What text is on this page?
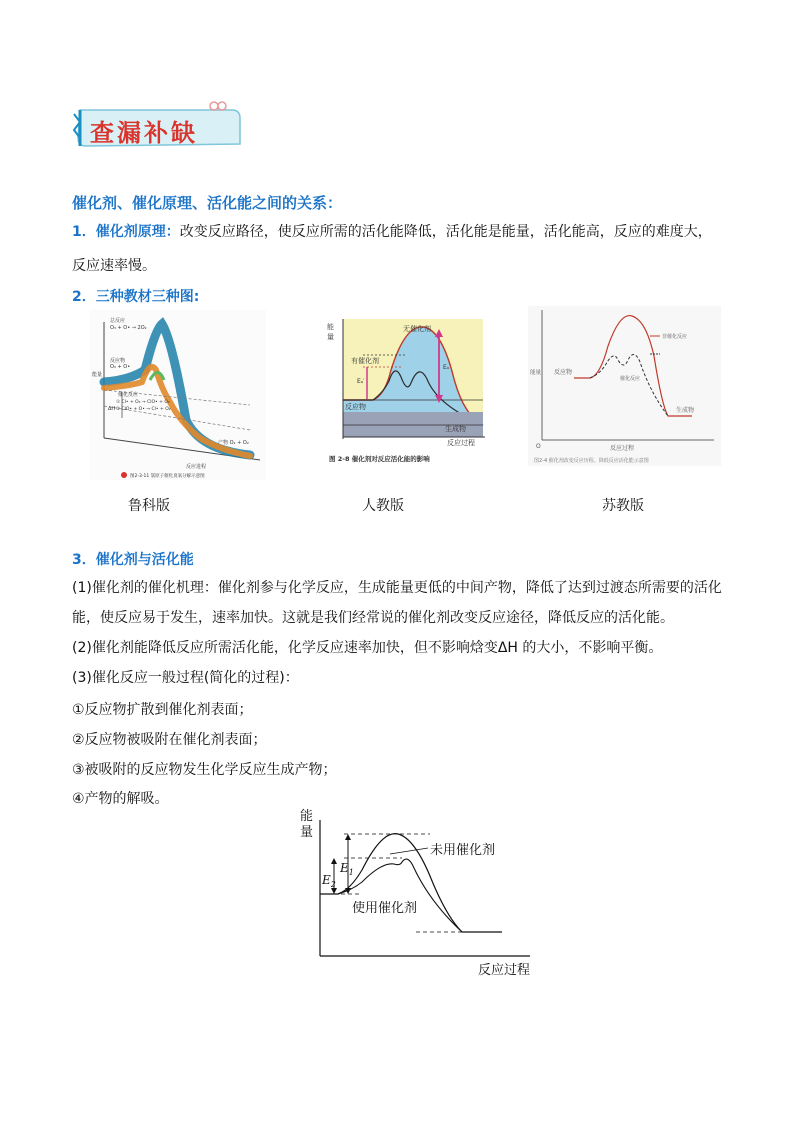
查漏补缺
催化剂、催化原理、活化能之间的关系：
1．催化剂原理：改变反应路径，使反应所需的活化能降低，活化能是能量，活化能高，反应的难度大，
反应速率慢。
2．三种教材三种图:
总反应
O₃ + O• → 2O₂
能量
反应物
O₃ + O•
催化反应
① Cl• + O₃ → ClO• + O₂
② ClO• + O• → Cl• + O₂
ΔH
产物 O₂ + O₂
反应进程
图2-3-11 氯原子催化臭氧分解示意图
鲁科版
能
量
无催化剂
有催化剂
Eₐ′
Eₐ
反应物
生成物
反应过程
图 2-8 催化剂对反应活化能的影响
人教版
能量
非催化反应
催化反应
反应物
生成物
O	反应过程
图2-4 催化剂改变反应历程、降低反应活化能示意图
苏教版
3．催化剂与活化能
(1)催化剂的催化机理：催化剂参与化学反应，生成能量更低的中间产物，降低了达到过渡态所需要的活化
能，使反应易于发生，速率加快。这就是我们经常说的催化剂改变反应途径，降低反应的活化能。
(2)催化剂能降低反应所需活化能，化学反应速率加快，但不影响焓变ΔH 的大小，不影响平衡。
(3)催化反应一般过程(简化的过程)：
①反应物扩散到催化剂表面；
②反应物被吸附在催化剂表面；
③被吸附的反应物发生化学反应生成产物；
④产物的解吸。
能
量
$E_1$
$E_2$
未用催化剂
使用催化剂
反应过程
